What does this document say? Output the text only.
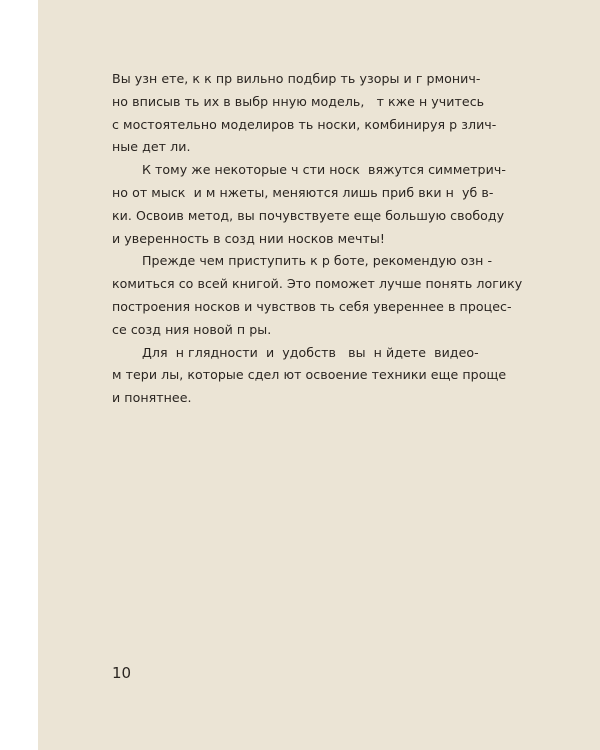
Вы узн ете, к к пр вильно подбир ть узоры и г рмонич-
но вписыв ть их в выбр нную модель,   т кже н учитесь
с мостоятельно моделиров ть носки, комбинируя р злич-
ные дет ли.
К тому же некоторые ч сти носк  вяжутся симметрич-
но от мыск  и м нжеты, меняются лишь приб вки н  уб в-
ки. Освоив метод, вы почувствуете еще большую свободу
и уверенность в созд нии носков мечты!
Прежде чем приступить к р боте, рекомендую озн -
комиться со всей книгой. Это поможет лучше понять логику
построения носков и чувствов ть себя увереннее в процес-
се созд ния новой п ры.
Для  н глядности  и  удобств   вы  н йдете  видео-
м тери лы, которые сдел ют освоение техники еще проще
и понятнее.
10
